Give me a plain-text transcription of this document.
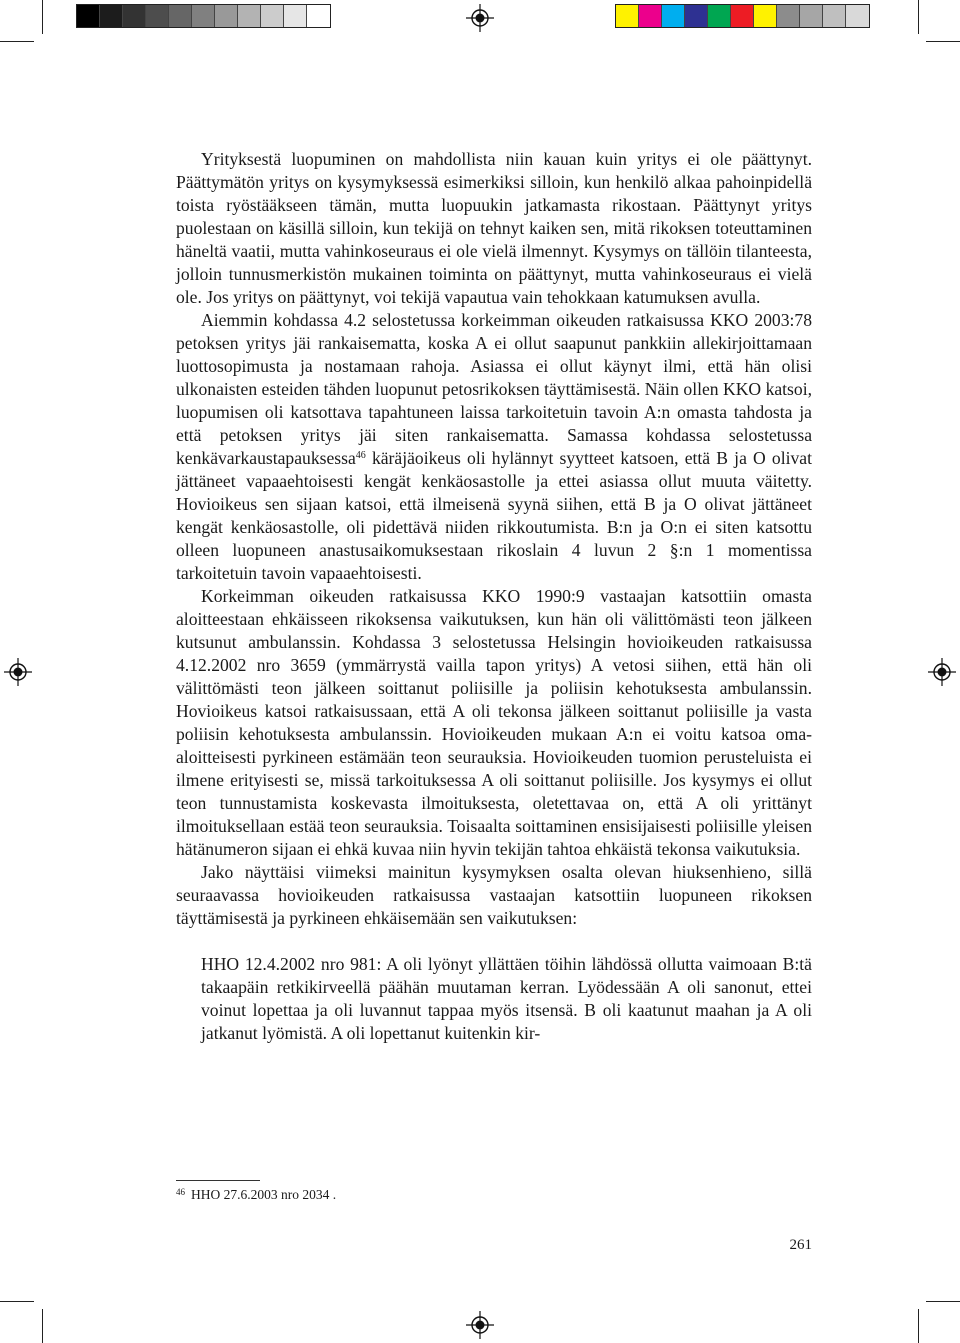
Yrityksestä luopuminen on mahdollista niin kauan kuin yritys ei ole päättynyt. Päättymätön yritys on kysymyksessä esimerkiksi silloin, kun henkilö alkaa pahoinpidellä toista ryöstääkseen tämän, mutta luopuukin jatkamasta rikostaan. Päättynyt yritys puolestaan on käsillä silloin, kun tekijä on tehnyt kaiken sen, mitä rikoksen toteuttaminen häneltä vaatii, mutta vahinkoseuraus ei ole vielä ilmennyt. Kysymys on tällöin tilanteesta, jolloin tunnusmerkistön mukainen toiminta on päättynyt, mutta vahinkoseuraus ei vielä ole. Jos yritys on päättynyt, voi tekijä vapautua vain tehokkaan katumuksen avulla.

Aiemmin kohdassa 4.2 selostetussa korkeimman oikeuden ratkaisussa KKO 2003:78 petoksen yritys jäi rankaisematta, koska A ei ollut saapunut pankkiin allekirjoittamaan luottosopimusta ja nostamaan rahoja. Asiassa ei ollut käynyt ilmi, että hän olisi ulkonaisten esteiden tähden luopunut petosrikoksen täyttämisestä. Näin ollen KKO katsoi, luopumisen oli katsottava tapahtuneen laissa tarkoitetuin tavoin A:n omasta tahdosta ja että petoksen yritys jäi siten rankaisematta. Samassa kohdassa selostetussa kenkävarkaustapauksessa$^{46}$ käräjäoikeus oli hylännyt syytteet katsoen, että B ja O olivat jättäneet vapaaehtoisesti kengät kenkäosastolle ja ettei asiassa ollut muuta väitetty. Hovioikeus sen sijaan katsoi, että ilmeisenä syynä siihen, että B ja O olivat jättäneet kengät kenkäosastolle, oli pidettävä niiden rikkoutumista. B:n ja O:n ei siten katsottu olleen luopuneen anastusaikomuksestaan rikoslain 4 luvun 2 §:n 1 momentissa tarkoitetuin tavoin vapaaehtoisesti.

Korkeimman oikeuden ratkaisussa KKO 1990:9 vastaajan katsottiin omasta aloitteestaan ehkäisseen rikoksensa vaikutuksen, kun hän oli välittömästi teon jälkeen kutsunut ambulanssin. Kohdassa 3 selostetussa Helsingin hovioikeuden ratkaisussa 4.12.2002 nro 3659 (ymmärrystä vailla tapon yritys) A vetosi siihen, että hän oli välittömästi teon jälkeen soittanut poliisille ja poliisin kehotuksesta ambulanssin. Hovioikeus katsoi ratkaisussaan, että A oli tekonsa jälkeen soittanut poliisille ja vasta poliisin kehotuksesta ambulanssin. Hovioikeuden mukaan A:n ei voitu katsoa oma-aloitteisesti pyrkineen estämään teon seurauksia. Hovioikeuden tuomion perusteluista ei ilmene erityisesti se, missä tarkoituksessa A oli soittanut poliisille. Jos kysymys ei ollut teon tunnustamista koskevasta ilmoituksesta, oletettavaa on, että A oli yrittänyt ilmoituksellaan estää teon seurauksia. Toisaalta soittaminen ensisijaisesti poliisille yleisen hätänumeron sijaan ei ehkä kuvaa niin hyvin tekijän tahtoa ehkäistä tekonsa vaikutuksia.

Jako näyttäisi viimeksi mainitun kysymyksen osalta olevan hiuksenhieno, sillä seuraavassa hovioikeuden ratkaisussa vastaajan katsottiin luopuneen rikoksen täyttämisestä ja pyrkineen ehkäisemään sen vaikutuksen:

HHO 12.4.2002 nro 981: A oli lyönyt yllättäen töihin lähdössä ollutta vaimoaan B:tä takaapäin retkikirveellä päähän muutaman kerran. Lyödessään A oli sanonut, ettei voinut lopettaa ja oli luvannut tappaa myös itsensä. B oli kaatunut maahan ja A oli jatkanut lyömistä. A oli lopettanut kuitenkin kir-

$^{46}$ HHO 27.6.2003 nro 2034 .
261
